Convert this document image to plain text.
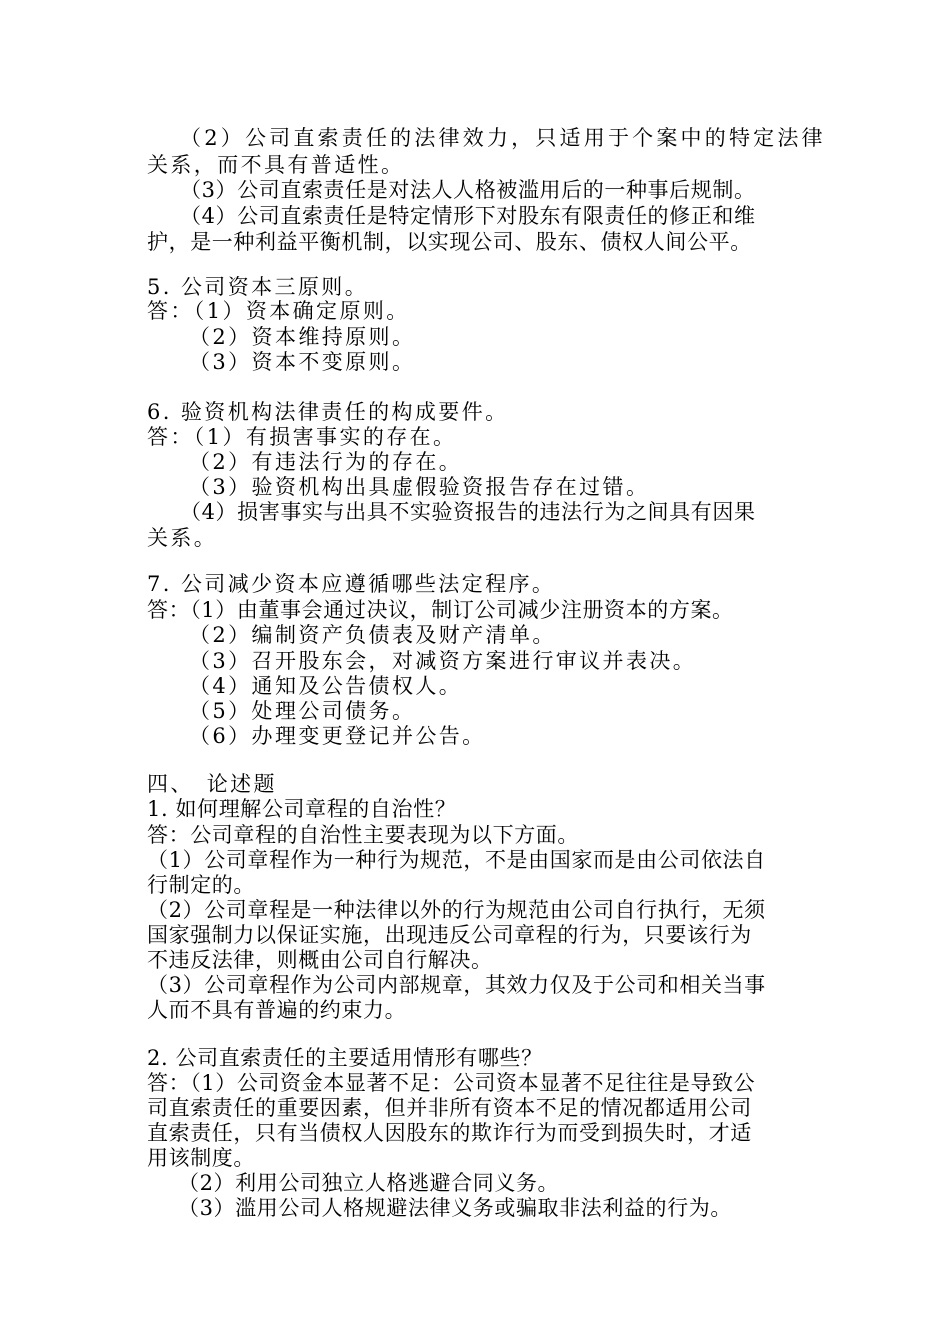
（2）公司直索责任的法律效力，只适用于个案中的特定法律
关系，而不具有普适性。
（3）公司直索责任是对法人人格被滥用后的一种事后规制。
（4）公司直索责任是特定情形下对股东有限责任的修正和维
护，是一种利益平衡机制，以实现公司、股东、债权人间公平。
5. 公司资本三原则。
答：（1）资本确定原则。
（2）资本维持原则。
（3）资本不变原则。
6. 验资机构法律责任的构成要件。
答：（1）有损害事实的存在。
（2）有违法行为的存在。
（3）验资机构出具虚假验资报告存在过错。
（4）损害事实与出具不实验资报告的违法行为之间具有因果
关系。
7. 公司减少资本应遵循哪些法定程序。
答：（1）由董事会通过决议，制订公司减少注册资本的方案。
（2）编制资产负债表及财产清单。
（3）召开股东会，对减资方案进行审议并表决。
（4）通知及公告债权人。
（5）处理公司债务。
（6）办理变更登记并公告。
四、　论述题
1. 如何理解公司章程的自治性？
答：公司章程的自治性主要表现为以下方面。
（1）公司章程作为一种行为规范，不是由国家而是由公司依法自
行制定的。
（2）公司章程是一种法律以外的行为规范由公司自行执行，无须
国家强制力以保证实施，出现违反公司章程的行为，只要该行为
不违反法律，则概由公司自行解决。
（3）公司章程作为公司内部规章，其效力仅及于公司和相关当事
人而不具有普遍的约束力。
2. 公司直索责任的主要适用情形有哪些？
答：（1）公司资金本显著不足：公司资本显著不足往往是导致公
司直索责任的重要因素，但并非所有资本不足的情况都适用公司
直索责任，只有当债权人因股东的欺诈行为而受到损失时，才适
用该制度。
（2）利用公司独立人格逃避合同义务。
（3）滥用公司人格规避法律义务或骗取非法利益的行为。
